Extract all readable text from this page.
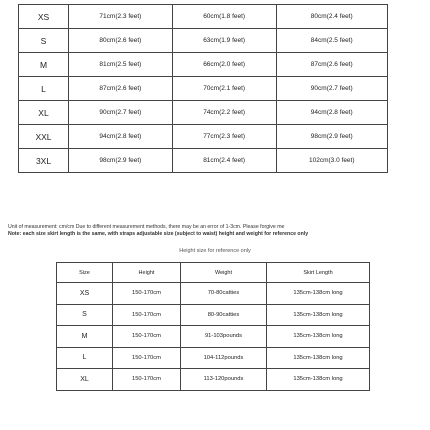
XS	71cm(2.3 feet)	60cm(1.8 feet)	80cm(2.4 feet)
S	80cm(2.6 feet)	63cm(1.9 feet)	84cm(2.5 feet)
M	81cm(2.5 feet)	66cm(2.0 feet)	87cm(2.6 feet)
L	87cm(2.6 feet)	70cm(2.1 feet)	90cm(2.7 feet)
XL	90cm(2.7 feet)	74cm(2.2 feet)	94cm(2.8 feet)
XXL	94cm(2.8 feet)	77cm(2.3 feet)	98cm(2.9 feet)
3XL	98cm(2.9 feet)	81cm(2.4 feet)	102cm(3.0 feet)
Unit of measurement: cm/cm Due to different measurement methods, there may be an error of 1-3cm. Please forgive me
Note: each size skirt length is the same, with straps adjustable size (subject to waist) height and weight for reference only
Height size for reference only
Size	Height	Weight	Skirt Length
XS	150-170cm	70-80catties	135cm-138cm long
S	150-170cm	80-90catties	135cm-138cm long
M	150-170cm	91-103pounds	135cm-138cm long
L	150-170cm	104-112pounds	135cm-138cm long
XL	150-170cm	113-120pounds	135cm-138cm long
